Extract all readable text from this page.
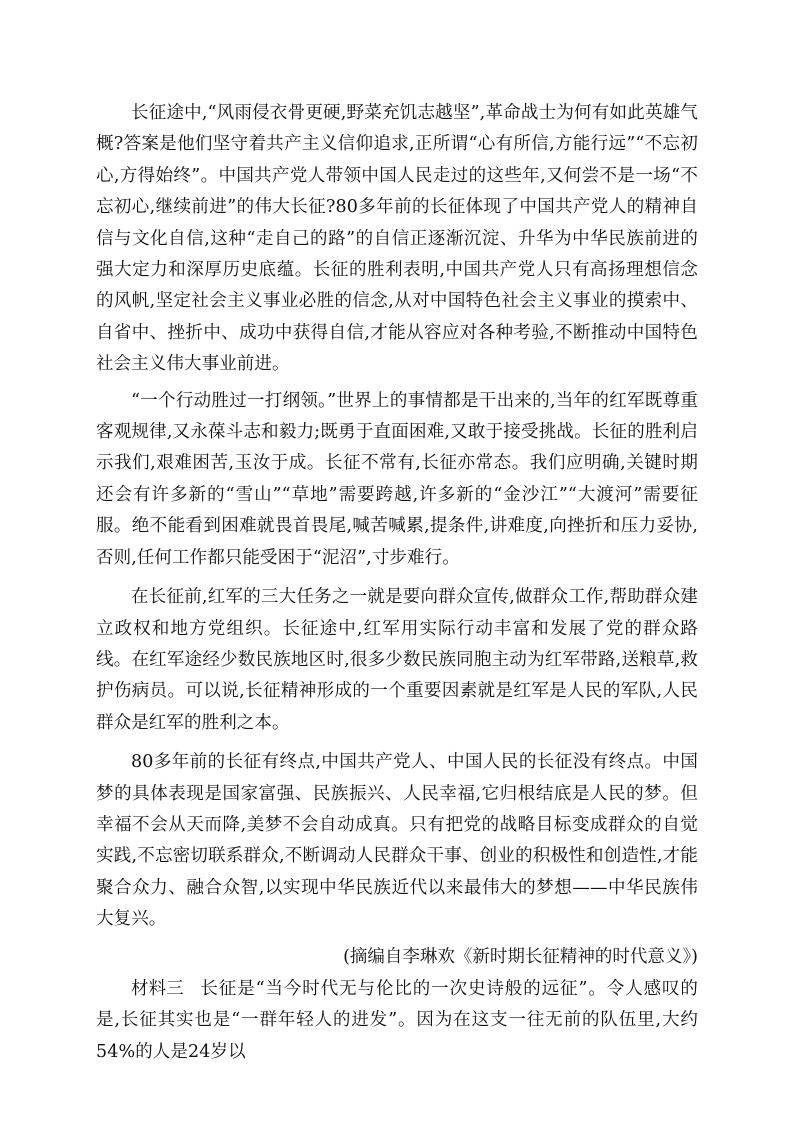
长征途中,“风雨侵衣骨更硬,野菜充饥志越坚”,革命战士为何有如此英雄气概?答案是他们坚守着共产主义信仰追求,正所谓“心有所信,方能行远”“不忘初心,方得始终”。中国共产党人带领中国人民走过的这些年,又何尝不是一场“不忘初心,继续前进”的伟大长征?80多年前的长征体现了中国共产党人的精神自信与文化自信,这种“走自己的路”的自信正逐渐沉淀、升华为中华民族前进的强大定力和深厚历史底蕴。长征的胜利表明,中国共产党人只有高扬理想信念的风帆,坚定社会主义事业必胜的信念,从对中国特色社会主义事业的摸索中、自省中、挫折中、成功中获得自信,才能从容应对各种考验,不断推动中国特色社会主义伟大事业前进。

“一个行动胜过一打纲领。”世界上的事情都是干出来的,当年的红军既尊重客观规律,又永葆斗志和毅力;既勇于直面困难,又敢于接受挑战。长征的胜利启示我们,艰难困苦,玉汝于成。长征不常有,长征亦常态。我们应明确,关键时期还会有许多新的“雪山”“草地”需要跨越,许多新的“金沙江”“大渡河”需要征服。绝不能看到困难就畏首畏尾,喊苦喊累,提条件,讲难度,向挫折和压力妥协,否则,任何工作都只能受困于“泥沼”,寸步难行。

在长征前,红军的三大任务之一就是要向群众宣传,做群众工作,帮助群众建立政权和地方党组织。长征途中,红军用实际行动丰富和发展了党的群众路线。在红军途经少数民族地区时,很多少数民族同胞主动为红军带路,送粮草,救护伤病员。可以说,长征精神形成的一个重要因素就是红军是人民的军队,人民群众是红军的胜利之本。

80多年前的长征有终点,中国共产党人、中国人民的长征没有终点。中国梦的具体表现是国家富强、民族振兴、人民幸福,它归根结底是人民的梦。但幸福不会从天而降,美梦不会自动成真。只有把党的战略目标变成群众的自觉实践,不忘密切联系群众,不断调动人民群众干事、创业的积极性和创造性,才能聚合众力、融合众智,以实现中华民族近代以来最伟大的梦想——中华民族伟大复兴。

(摘编自李琳欢《新时期长征精神的时代意义》)

材料三 长征是“当今时代无与伦比的一次史诗般的远征”。令人感叹的是,长征其实也是“一群年轻人的进发”。因为在这支一往无前的队伍里,大约54%的人是24岁以
